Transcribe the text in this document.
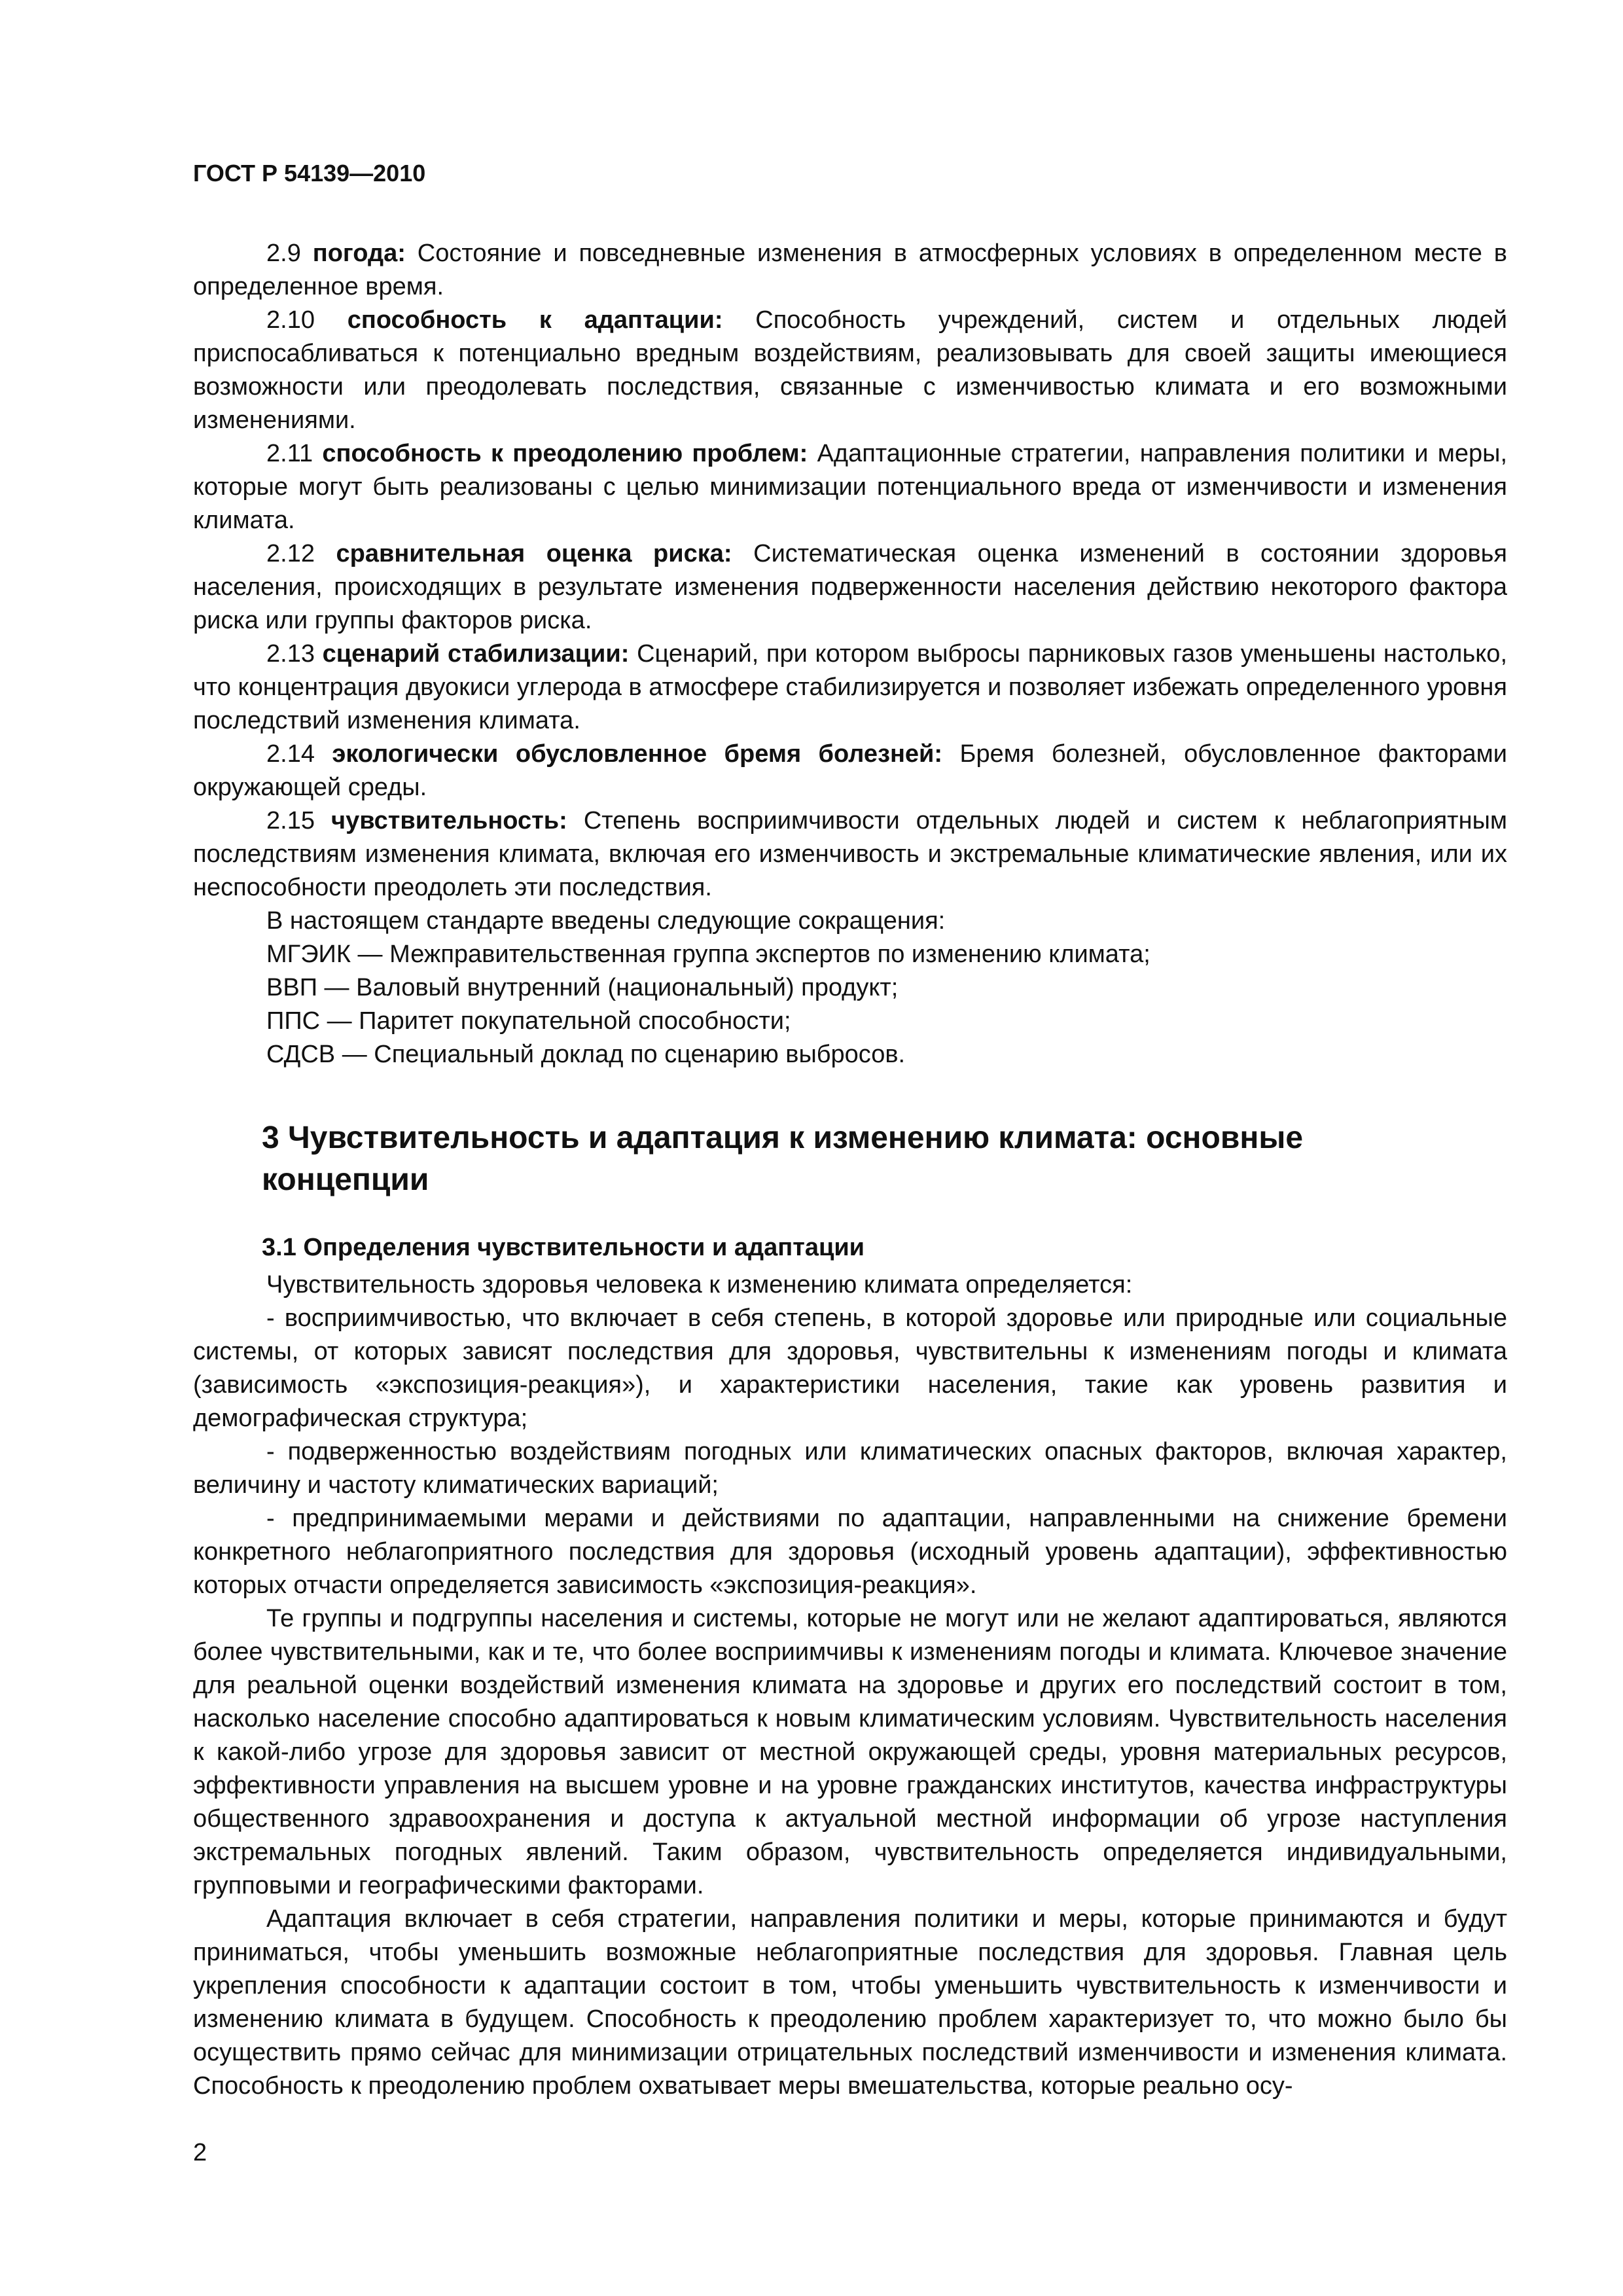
ГОСТ Р 54139—2010

2.9 погода: Состояние и повседневные изменения в атмосферных условиях в определенном месте в определенное время.

2.10 способность к адаптации: Способность учреждений, систем и отдельных людей приспосабливаться к потенциально вредным воздействиям, реализовывать для своей защиты имеющиеся возможности или преодолевать последствия, связанные с изменчивостью климата и его возможными изменениями.

2.11 способность к преодолению проблем: Адаптационные стратегии, направления политики и меры, которые могут быть реализованы с целью минимизации потенциального вреда от изменчивости и изменения климата.

2.12 сравнительная оценка риска: Систематическая оценка изменений в состоянии здоровья населения, происходящих в результате изменения подверженности населения действию некоторого фактора риска или группы факторов риска.

2.13 сценарий стабилизации: Сценарий, при котором выбросы парниковых газов уменьшены настолько, что концентрация двуокиси углерода в атмосфере стабилизируется и позволяет избежать определенного уровня последствий изменения климата.

2.14 экологически обусловленное бремя болезней: Бремя болезней, обусловленное факторами окружающей среды.

2.15 чувствительность: Степень восприимчивости отдельных людей и систем к неблагоприятным последствиям изменения климата, включая его изменчивость и экстремальные климатические явления, или их неспособности преодолеть эти последствия.

В настоящем стандарте введены следующие сокращения:

МГЭИК — Межправительственная группа экспертов по изменению климата;

ВВП — Валовый внутренний (национальный) продукт;

ППС — Паритет покупательной способности;

СДСВ — Специальный доклад по сценарию выбросов.

3 Чувствительность и адаптация к изменению климата: основные концепции
3.1 Определения чувствительности и адаптации

Чувствительность здоровья человека к изменению климата определяется:

- восприимчивостью, что включает в себя степень, в которой здоровье или природные или социальные системы, от которых зависят последствия для здоровья, чувствительны к изменениям погоды и климата (зависимость «экспозиция-реакция»), и характеристики населения, такие как уровень развития и демографическая структура;

- подверженностью воздействиям погодных или климатических опасных факторов, включая характер, величину и частоту климатических вариаций;

- предпринимаемыми мерами и действиями по адаптации, направленными на снижение бремени конкретного неблагоприятного последствия для здоровья (исходный уровень адаптации), эффективностью которых отчасти определяется зависимость «экспозиция-реакция».

Те группы и подгруппы населения и системы, которые не могут или не желают адаптироваться, являются более чувствительными, как и те, что более восприимчивы к изменениям погоды и климата. Ключевое значение для реальной оценки воздействий изменения климата на здоровье и других его последствий состоит в том, насколько население способно адаптироваться к новым климатическим условиям. Чувствительность населения к какой-либо угрозе для здоровья зависит от местной окружающей среды, уровня материальных ресурсов, эффективности управления на высшем уровне и на уровне гражданских институтов, качества инфраструктуры общественного здравоохранения и доступа к актуальной местной информации об угрозе наступления экстремальных погодных явлений. Таким образом, чувствительность определяется индивидуальными, групповыми и географическими факторами.

Адаптация включает в себя стратегии, направления политики и меры, которые принимаются и будут приниматься, чтобы уменьшить возможные неблагоприятные последствия для здоровья. Главная цель укрепления способности к адаптации состоит в том, чтобы уменьшить чувствительность к изменчивости и изменению климата в будущем. Способность к преодолению проблем характеризует то, что можно было бы осуществить прямо сейчас для минимизации отрицательных последствий изменчивости и изменения климата. Способность к преодолению проблем охватывает меры вмешательства, которые реально осу-

2
